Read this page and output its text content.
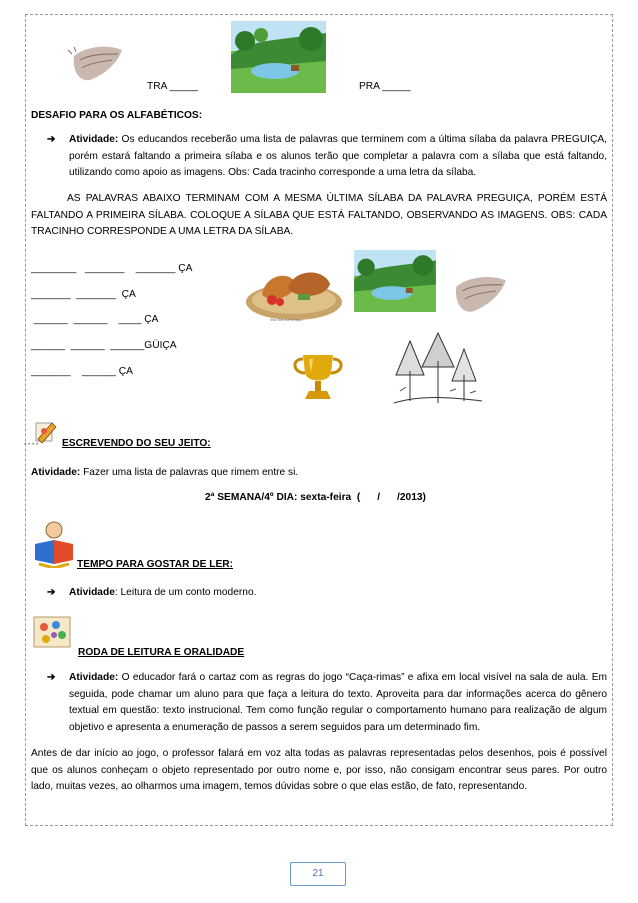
TRA _____	PRA _____
DESAFIO PARA OS ALFABÉTICOS:
➔ Atividade: Os educandos receberão uma lista de palavras que terminem com a última sílaba da palavra PREGUIÇA, porém estará faltando a primeira sílaba e os alunos terão que completar a palavra com a sílaba que está faltando, utilizando como apoio as imagens. Obs: Cada tracinho corresponde a uma letra da sílaba.
AS PALAVRAS ABAIXO TERMINAM COM A MESMA ÚLTIMA SÍLABA DA PALAVRA PREGUIÇA, PORÉM ESTÁ FALTANDO A PRIMEIRA SÍLABA. COLOQUE A SÍLABA QUE ESTÁ FALTANDO, OBSERVANDO AS IMAGENS. OBS: CADA TRACINHO CORRESPONDE A UMA LETRA DA SÍLABA.
________   _______    _______ ÇA
_______  _______  ÇA
______  ______    ____ ÇA
______  ______  ______GÜIÇA
_______    ______ ÇA
ilha dos bons tapa
* * * * ESCREVENDO DO SEU JEITO:
Atividade: Fazer uma lista de palavras que rimem entre si.
2ª SEMANA/4º DIA: sexta-feira  (      /      /2013)
TEMPO PARA GOSTAR DE LER:
➔ Atividade: Leitura de um conto moderno.
RODA DE LEITURA E ORALIDADE
➔ Atividade: O educador fará o cartaz com as regras do jogo “Caça-rimas” e afixa em local visível na sala de aula. Em seguida, pode chamar um aluno para que faça a leitura do texto. Aproveita para dar informações acerca do gênero textual em questão: texto instrucional. Tem como função regular o comportamento humano para realização de algum objetivo e apresenta a enumeração de passos a serem seguidos para um determinado fim.
Antes de dar início ao jogo, o professor falará em voz alta todas as palavras representadas pelos desenhos, pois é possível que os alunos conheçam o objeto representado por outro nome e, por isso, não consigam encontrar seus pares. Por outro lado, muitas vezes, ao olharmos uma imagem, temos dúvidas sobre o que elas estão, de fato, representando.
21
